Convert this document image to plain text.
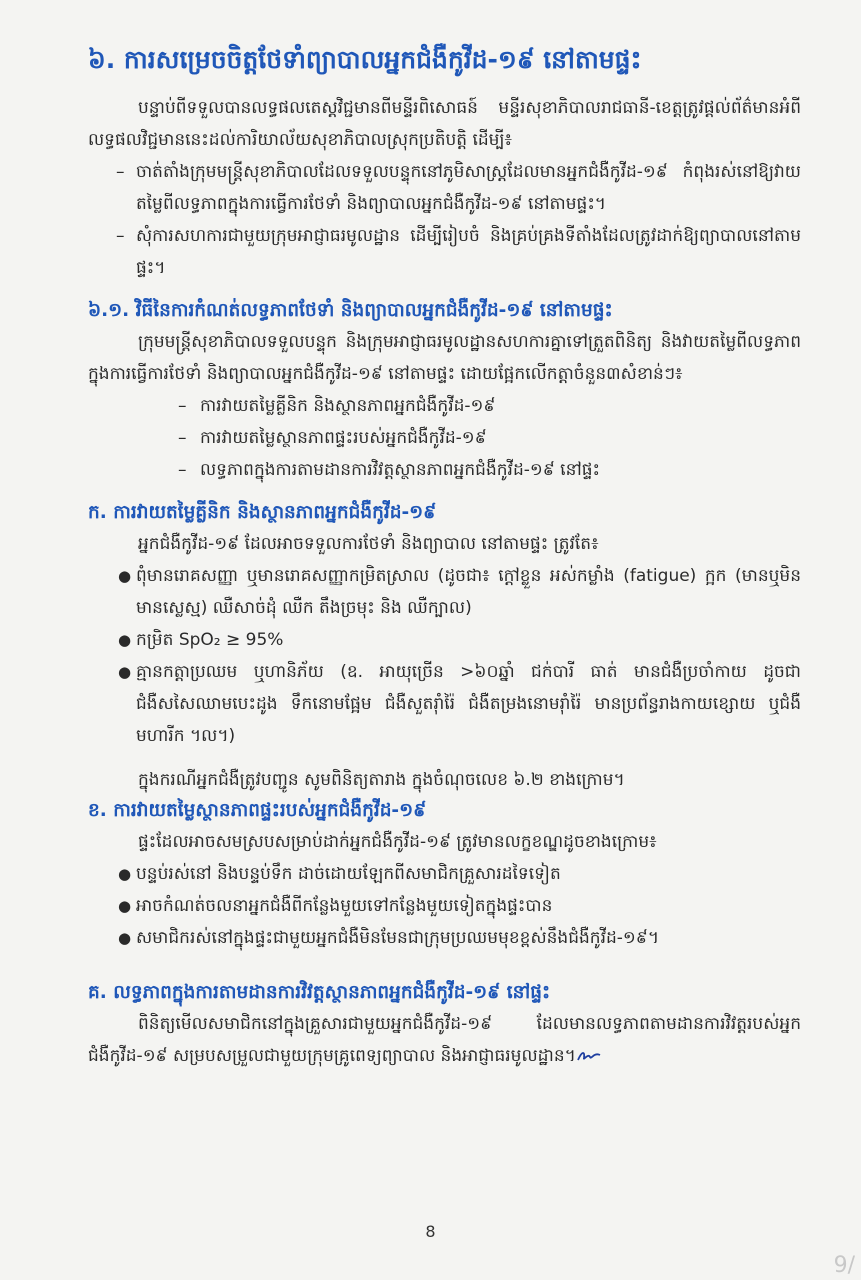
៦. ការសម្រេចចិត្តថែទាំព្យាបាលអ្នកជំងឺកូវីដ-១៩ នៅតាមផ្ទះ

បន្ទាប់ពីទទួលបានលទ្ធផលតេស្តវិជ្ជមានពីមន្ទីរពិសោធន៍ មន្ទីរសុខាភិបាលរាជធានី-ខេត្តត្រូវផ្តល់ព័ត៌មានអំពីលទ្ធផលវិជ្ជមាននេះដល់ការិយាល័យសុខាភិបាលស្រុកប្រតិបត្តិ ដើម្បី៖

– ចាត់តាំងក្រុមមន្ត្រីសុខាភិបាលដែលទទួលបន្ទុកនៅភូមិសាស្ត្រដែលមានអ្នកជំងឺកូវីដ-១៩ កំពុងរស់នៅឱ្យវាយតម្លៃពីលទ្ធភាពក្នុងការធ្វើការថែទាំ និងព្យាបាលអ្នកជំងឺកូវីដ-១៩ នៅតាមផ្ទះ។
– សុំការសហការជាមួយក្រុមអាជ្ញាធរមូលដ្ឋាន ដើម្បីរៀបចំ និងគ្រប់គ្រងទីតាំងដែលត្រូវដាក់ឱ្យព្យាបាលនៅតាមផ្ទះ។
៦.១. វិធីនៃការកំណត់លទ្ធភាពថែទាំ និងព្យាបាលអ្នកជំងឺកូវីដ-១៩ នៅតាមផ្ទះ

ក្រុមមន្ត្រីសុខាភិបាលទទួលបន្ទុក និងក្រុមអាជ្ញាធរមូលដ្ឋានសហការគ្នាទៅត្រួតពិនិត្យ និងវាយតម្លៃពីលទ្ធភាពក្នុងការធ្វើការថែទាំ និងព្យាបាលអ្នកជំងឺកូវីដ-១៩ នៅតាមផ្ទះ ដោយផ្អែកលើកត្តាចំនួន៣សំខាន់ៗ៖

– ការវាយតម្លៃគ្លីនិក និងស្ថានភាពអ្នកជំងឺកូវីដ-១៩
– ការវាយតម្លៃស្ថានភាពផ្ទះរបស់អ្នកជំងឺកូវីដ-១៩
– លទ្ធភាពក្នុងការតាមដានការវិវត្តស្ថានភាពអ្នកជំងឺកូវីដ-១៩ នៅផ្ទះ
ក. ការវាយតម្លៃគ្លីនិក និងស្ថានភាពអ្នកជំងឺកូវីដ-១៩

អ្នកជំងឺកូវីដ-១៩ ដែលអាចទទួលការថែទាំ និងព្យាបាល នៅតាមផ្ទះ ត្រូវតែ៖

● ពុំមានរោគសញ្ញា ឬមានរោគសញ្ញាកម្រិតស្រាល (ដូចជា៖ ក្តៅខ្លួន អស់កម្លាំង (fatigue) ក្អក (មានឬមិនមានស្លេស្ម) ឈឺសាច់ដុំ ឈឺក តឹងច្រមុះ និង ឈឺក្បាល)
● កម្រិត SpO₂ ≥ 95%
● គ្មានកត្តាប្រឈម ឬហានិភ័យ (ឧ. អាយុច្រើន >៦០ឆ្នាំ ជក់បារី ធាត់ មានជំងឺប្រចាំកាយ ដូចជាជំងឺសសៃឈាមបេះដូង ទឹកនោមផ្អែម ជំងឺសួតរ៉ាំរ៉ៃ ជំងឺតម្រងនោមរ៉ាំរ៉ៃ មានប្រព័ន្ធរាងកាយខ្សោយ ឬជំងឺមហារីក ។ល។)

ក្នុងករណីអ្នកជំងឺត្រូវបញ្ជូន សូមពិនិត្យតារាង ក្នុងចំណុចលេខ ៦.២ ខាងក្រោម។

ខ. ការវាយតម្លៃស្ថានភាពផ្ទះរបស់អ្នកជំងឺកូវីដ-១៩

ផ្ទះដែលអាចសមស្របសម្រាប់ដាក់អ្នកជំងឺកូវីដ-១៩ ត្រូវមានលក្ខខណ្ឌដូចខាងក្រោម៖

● បន្ទប់រស់នៅ និងបន្ទប់ទឹក ដាច់ដោយឡែកពីសមាជិកគ្រួសារដទៃទៀត
● អាចកំណត់ចលនាអ្នកជំងឺពីកន្លែងមួយទៅកន្លែងមួយទៀតក្នុងផ្ទះបាន
● សមាជិករស់នៅក្នុងផ្ទះជាមួយអ្នកជំងឺមិនមែនជាក្រុមប្រឈមមុខខ្ពស់នឹងជំងឺកូវីដ-១៩។
គ. លទ្ធភាពក្នុងការតាមដានការវិវត្តស្ថានភាពអ្នកជំងឺកូវីដ-១៩ នៅផ្ទះ

ពិនិត្យមើលសមាជិកនៅក្នុងគ្រួសារជាមួយអ្នកជំងឺកូវីដ-១៩ ដែលមានលទ្ធភាពតាមដានការវិវត្តរបស់អ្នកជំងឺកូវីដ-១៩ សម្របសម្រួលជាមួយក្រុមគ្រូពេទ្យព្យាបាល និងអាជ្ញាធរមូលដ្ឋាន។

8
9/
